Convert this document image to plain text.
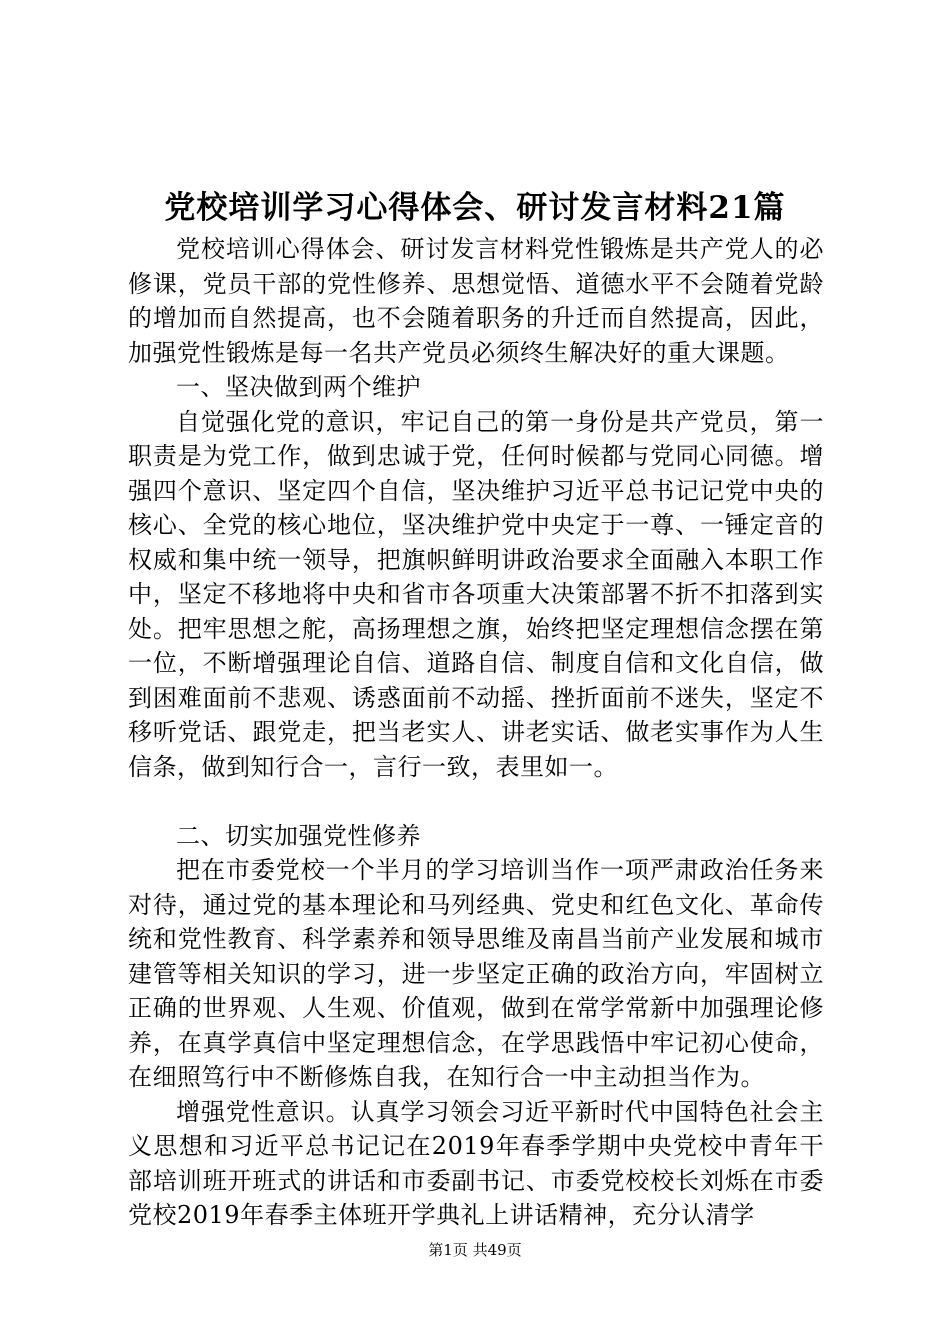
党校培训学习心得体会、研讨发言材料21篇

党校培训心得体会、研讨发言材料党性锻炼是共产党人的必修课，党员干部的党性修养、思想觉悟、道德水平不会随着党龄的增加而自然提高，也不会随着职务的升迁而自然提高，因此，加强党性锻炼是每一名共产党员必须终生解决好的重大课题。

一、坚决做到两个维护

自觉强化党的意识，牢记自己的第一身份是共产党员，第一职责是为党工作，做到忠诚于党，任何时候都与党同心同德。增强四个意识、坚定四个自信，坚决维护习近平总书记记党中央的核心、全党的核心地位，坚决维护党中央定于一尊、一锤定音的权威和集中统一领导，把旗帜鲜明讲政治要求全面融入本职工作中，坚定不移地将中央和省市各项重大决策部署不折不扣落到实处。把牢思想之舵，高扬理想之旗，始终把坚定理想信念摆在第一位，不断增强理论自信、道路自信、制度自信和文化自信，做到困难面前不悲观、诱惑面前不动摇、挫折面前不迷失，坚定不移听党话、跟党走，把当老实人、讲老实话、做老实事作为人生信条，做到知行合一，言行一致，表里如一。

二、切实加强党性修养

把在市委党校一个半月的学习培训当作一项严肃政治任务来对待，通过党的基本理论和马列经典、党史和红色文化、革命传统和党性教育、科学素养和领导思维及南昌当前产业发展和城市建管等相关知识的学习，进一步坚定正确的政治方向，牢固树立正确的世界观、人生观、价值观，做到在常学常新中加强理论修养，在真学真信中坚定理想信念，在学思践悟中牢记初心使命，在细照笃行中不断修炼自我，在知行合一中主动担当作为。

增强党性意识。认真学习领会习近平新时代中国特色社会主义思想和习近平总书记记在2019年春季学期中央党校中青年干部培训班开班式的讲话和市委副书记、市委党校校长刘烁在市委党校2019年春季主体班开学典礼上讲话精神，充分认清学

第1页 共49页
